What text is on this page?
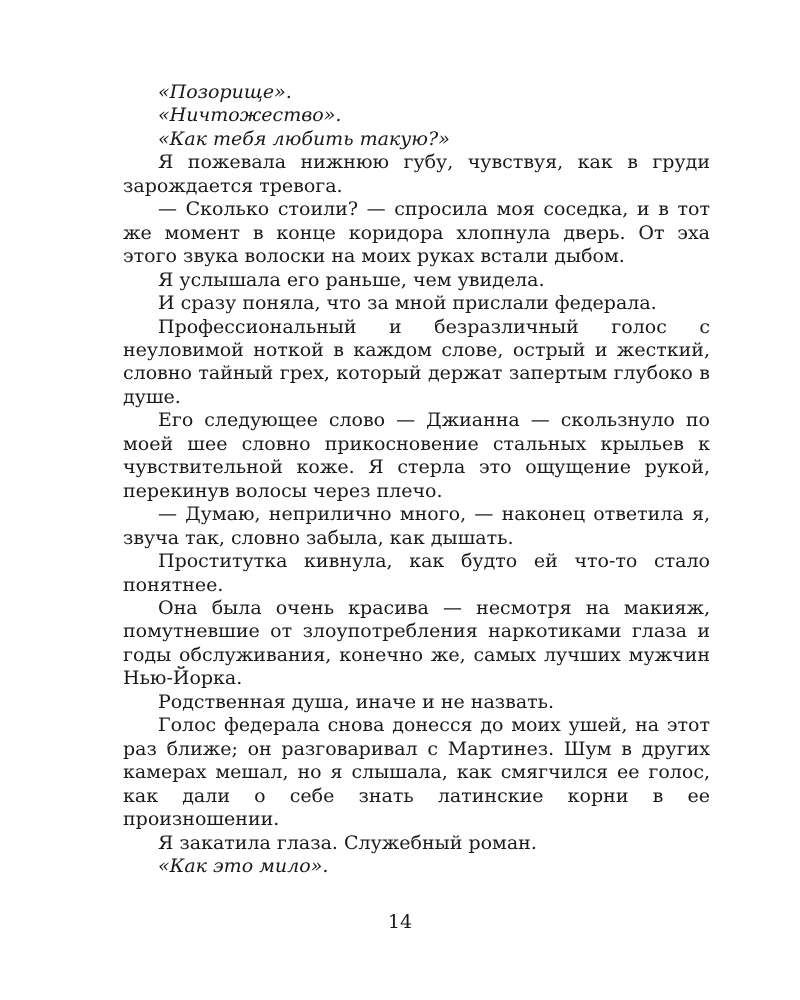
«Позорище».

«Ничтожество».

«Как тебя любить такую?»

Я пожевала нижнюю губу, чувствуя, как в груди зарождается тревога.

— Сколько стоили? — спросила моя соседка, и в тот же момент в конце коридора хлопнула дверь. От эха этого звука волоски на моих руках встали дыбом.

Я услышала его раньше, чем увидела.

И сразу поняла, что за мной прислали федерала.

Профессиональный и безразличный голос с неуловимой ноткой в каждом слове, острый и жесткий, словно тайный грех, который держат запертым глубоко в душе.

Его следующее слово — Джианна — скользнуло по моей шее словно прикосновение стальных крыльев к чувствительной коже. Я стерла это ощущение рукой, перекинув волосы через плечо.

— Думаю, неприлично много, — наконец ответила я, звуча так, словно забыла, как дышать.

Проститутка кивнула, как будто ей что-то стало понятнее.

Она была очень красива — несмотря на макияж, помутневшие от злоупотребления наркотиками глаза и годы обслуживания, конечно же, самых лучших мужчин Нью-Йорка.

Родственная душа, иначе и не назвать.

Голос федерала снова донесся до моих ушей, на этот раз ближе; он разговаривал с Мартинез. Шум в других камерах мешал, но я слышала, как смягчился ее голос, как дали о себе знать латинские корни в ее произношении.

Я закатила глаза. Служебный роман.

«Как это мило».

14
